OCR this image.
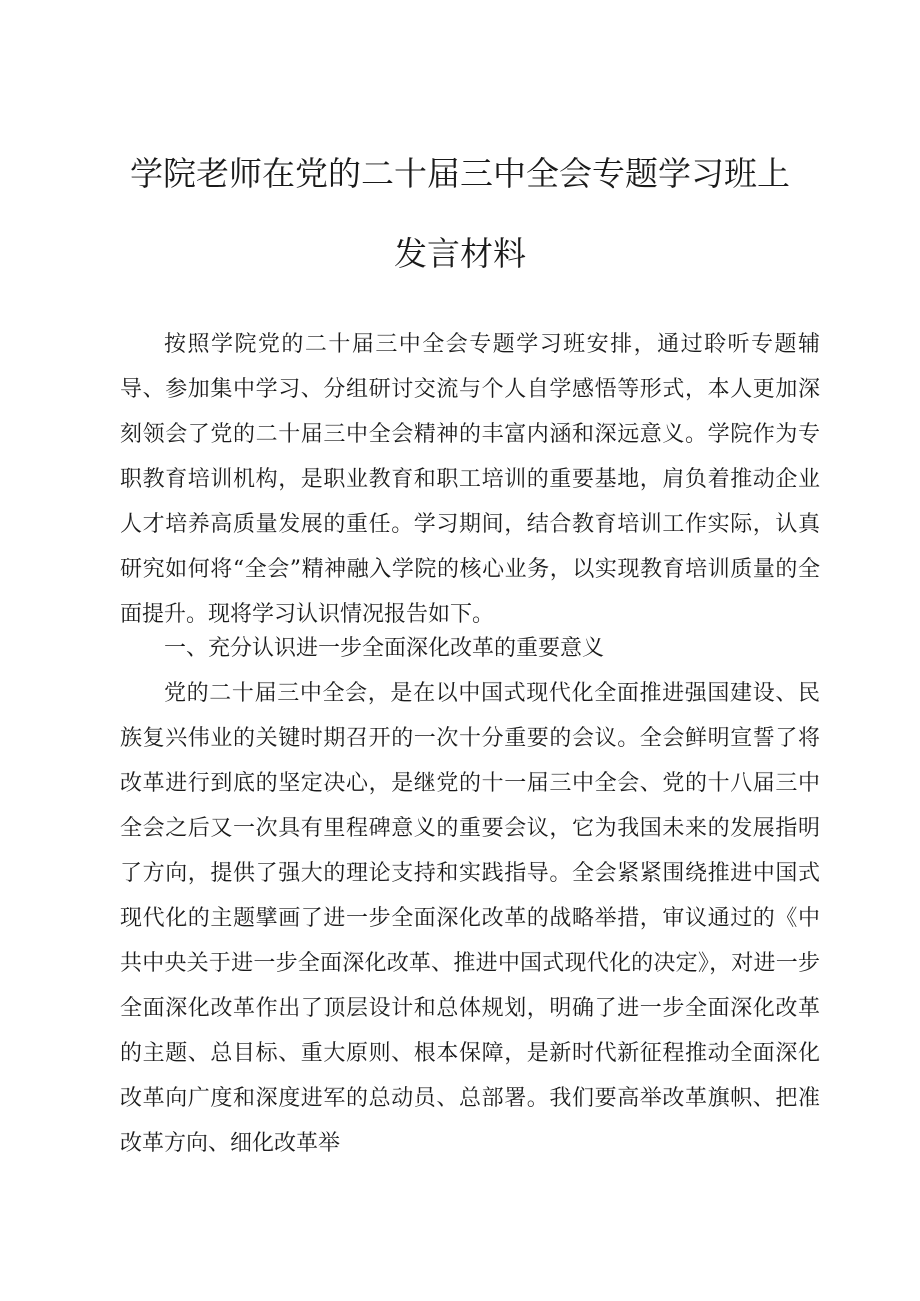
学院老师在党的二十届三中全会专题学习班上
发言材料

按照学院党的二十届三中全会专题学习班安排，通过聆听专题辅导、参加集中学习、分组研讨交流与个人自学感悟等形式，本人更加深刻领会了党的二十届三中全会精神的丰富内涵和深远意义。学院作为专职教育培训机构，是职业教育和职工培训的重要基地，肩负着推动企业人才培养高质量发展的重任。学习期间，结合教育培训工作实际，认真研究如何将“全会”精神融入学院的核心业务，以实现教育培训质量的全面提升。现将学习认识情况报告如下。

一、充分认识进一步全面深化改革的重要意义

党的二十届三中全会，是在以中国式现代化全面推进强国建设、民族复兴伟业的关键时期召开的一次十分重要的会议。全会鲜明宣誓了将改革进行到底的坚定决心，是继党的十一届三中全会、党的十八届三中全会之后又一次具有里程碑意义的重要会议，它为我国未来的发展指明了方向，提供了强大的理论支持和实践指导。全会紧紧围绕推进中国式现代化的主题擘画了进一步全面深化改革的战略举措，审议通过的《中共中央关于进一步全面深化改革、推进中国式现代化的决定》，对进一步全面深化改革作出了顶层设计和总体规划，明确了进一步全面深化改革的主题、总目标、重大原则、根本保障，是新时代新征程推动全面深化改革向广度和深度进军的总动员、总部署。我们要高举改革旗帜、把准改革方向、细化改革举
